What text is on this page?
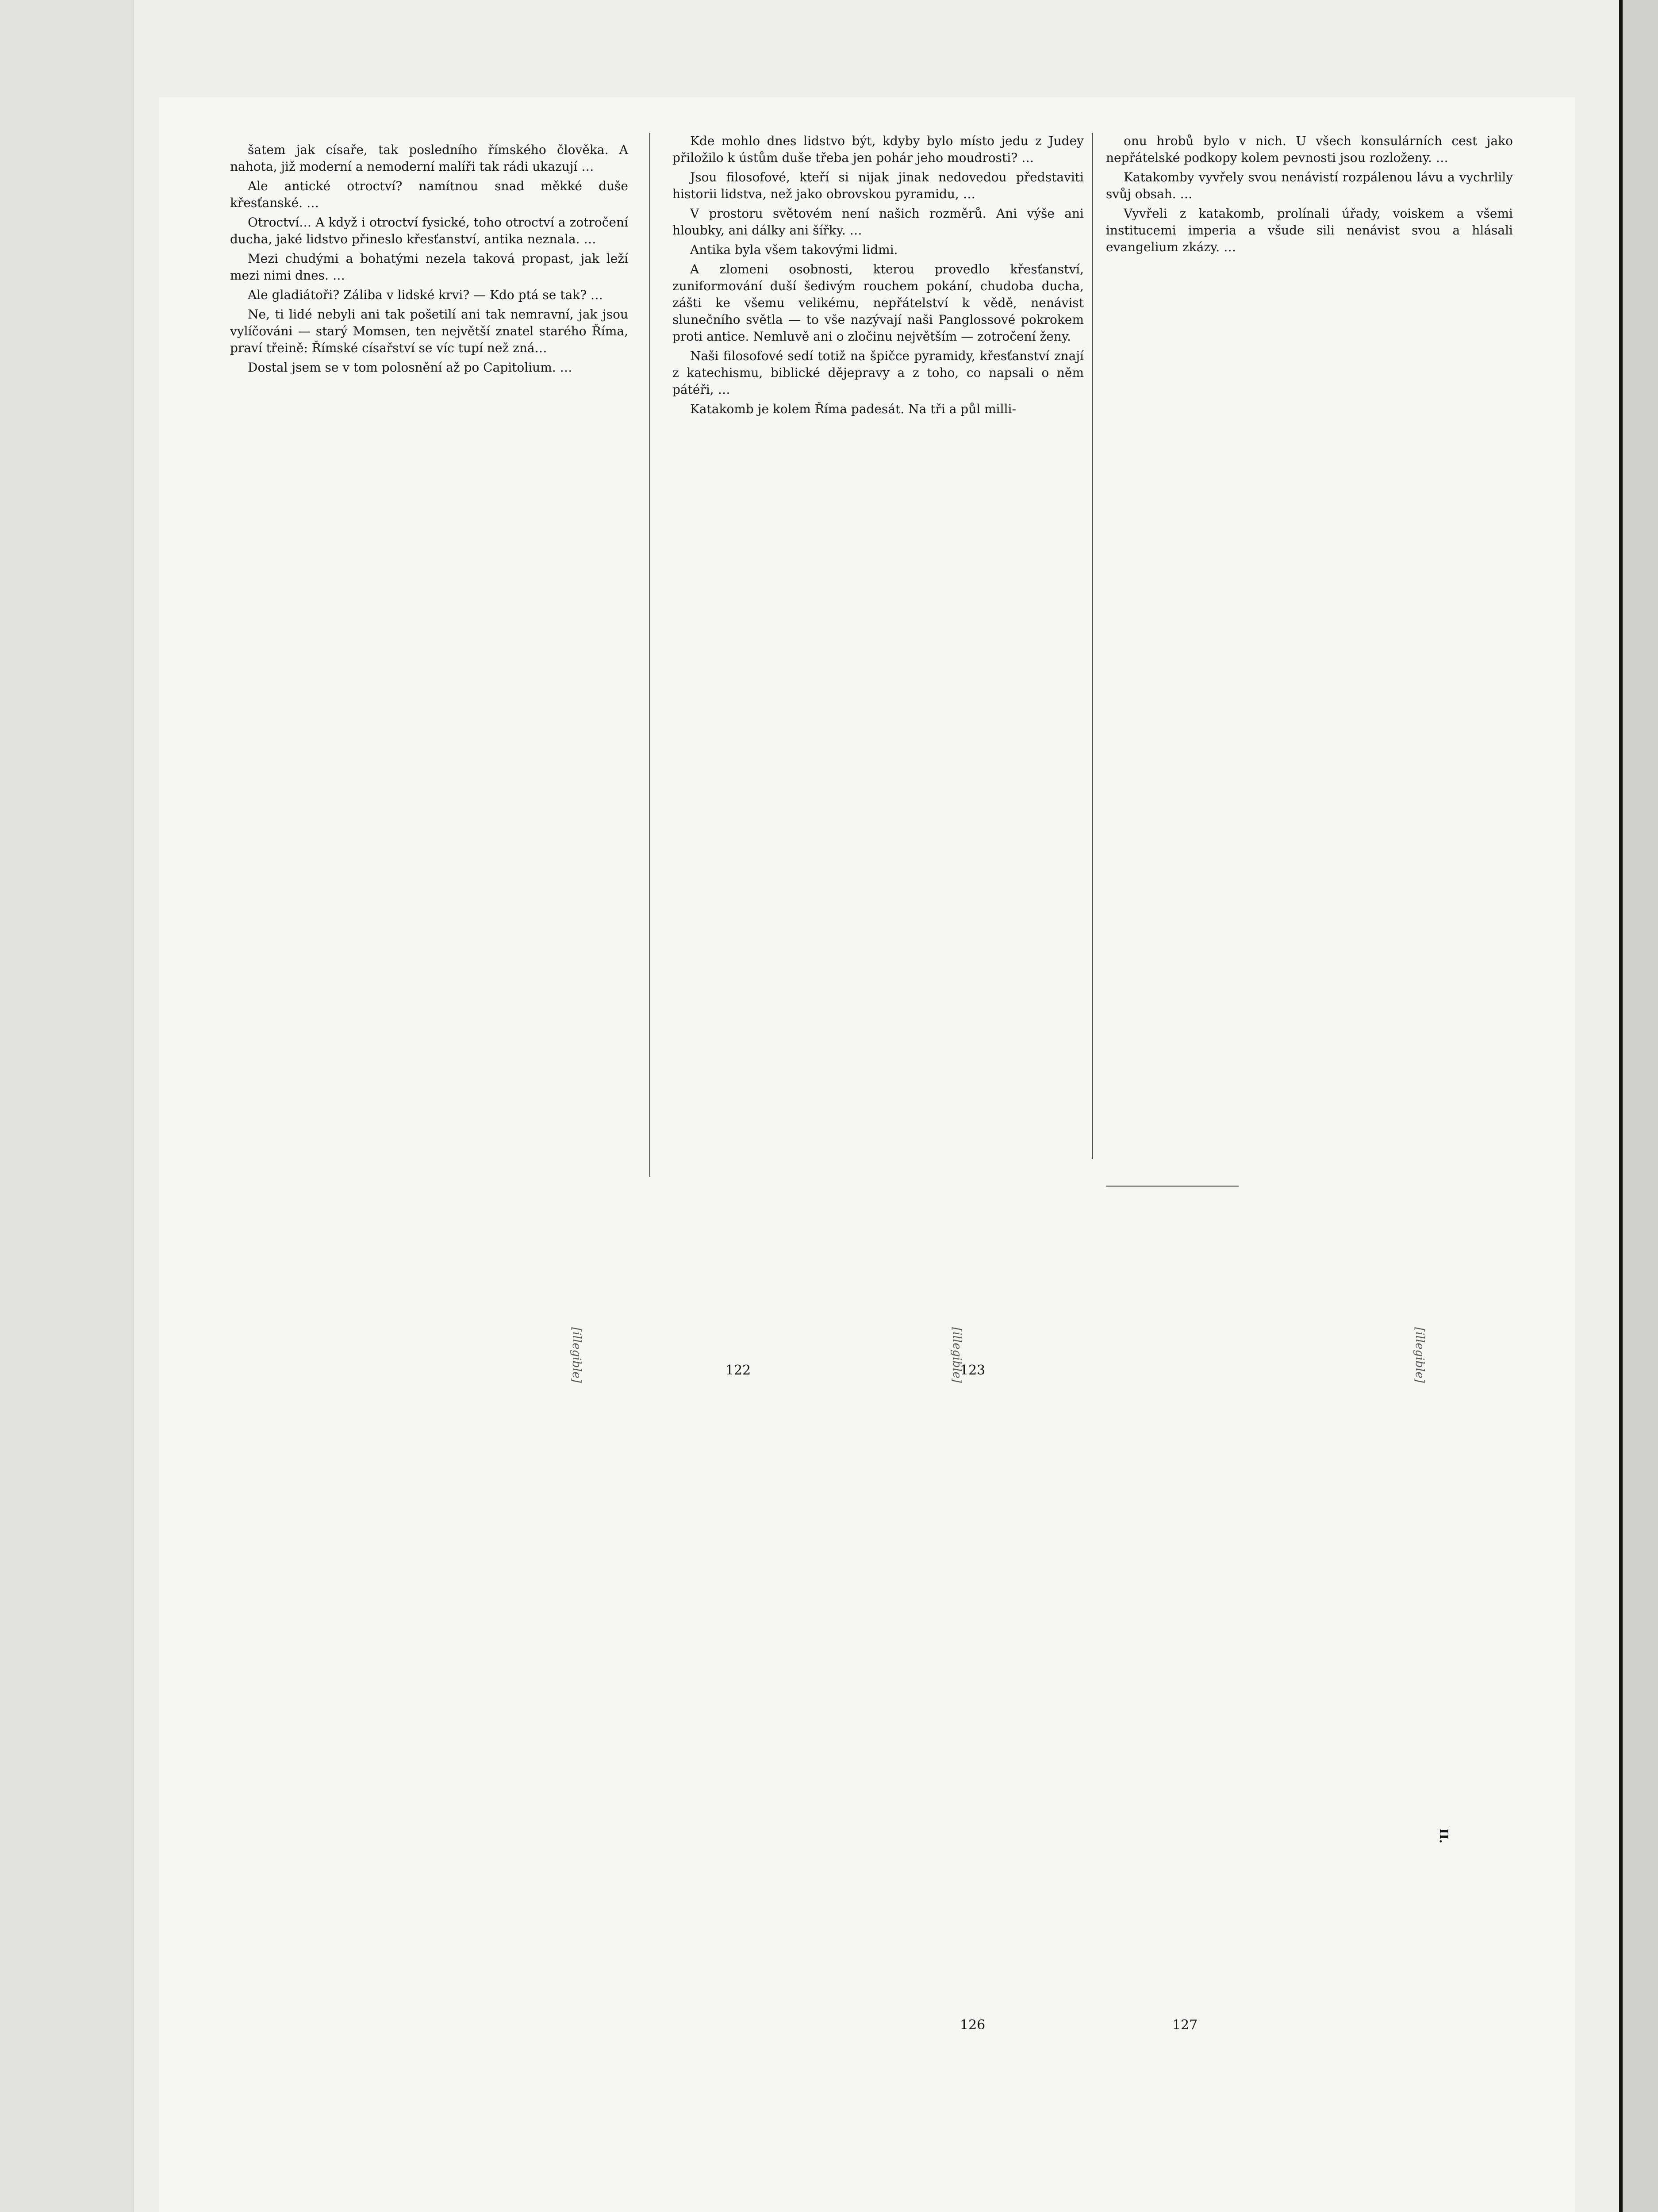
šatem jak císaře, tak posledního římského člověka. A nahota, již moderní a nemoderní malíři tak rádi ukazují …

Ale antické otroctví? namítnou snad měkké duše křesťanské. …

Otroctví… A když i otroctví fysické, toho otroctví a zotročení ducha, jaké lidstvo přineslo křesťanství, antika neznala. …

Mezi chudými a bohatými nezela taková propast, jak leží mezi nimi dnes. …

Ale gladiátoři? Záliba v lidské krvi? — Kdo ptá se tak? …

Ne, ti lidé nebyli ani tak pošetilí ani tak nemravní, jak jsou vylíčováni — starý Momsen, ten největší znatel starého Říma, praví třeině: Římské císařství se víc tupí než zná…

Dostal jsem se v tom polosnění až po Capitolium. …

Kde mohlo dnes lidstvo být, kdyby bylo místo jedu z Judey přiložilo k ústům duše třeba jen pohár jeho moudrosti? …

Jsou filosofové, kteří si nijak jinak nedovedou představiti historii lidstva, než jako obrovskou pyramidu, …

V prostoru světovém není našich rozměrů. Ani výše ani hloubky, ani dálky ani šířky. …

Antika byla všem takovými lidmi.

A zlomeni osobnosti, kterou provedlo křesťanství, zuniformování duší šedivým rouchem pokání, chudoba ducha, zášti ke všemu velikému, nepřátelství k vědě, nenávist slunečního světla — to vše nazývají naši Panglossové pokrokem proti antice. Nemluvě ani o zločinu největším — zotročení ženy.

Naši filosofové sedí totiž na špičce pyramidy, křesťanství znají z katechismu, biblické dějepravy a z toho, co napsali o něm pátéři, …

Katakomb je kolem Říma padesát. Na tři a půl milli-

onu hrobů bylo v nich. U všech konsulárních cest jako nepřátelské podkopy kolem pevnosti jsou rozloženy. …

Katakomby vyvřely svou nenávistí rozpálenou lávu a vychrlily svůj obsah. …

Vyvřeli z katakomb, prolínali úřady, voiskem a všemi institucemi imperia a všude sili nenávist svou a hlásali evangelium zkázy. …

122	123
127
126
[illegible]	[illegible]
II.
[illegible]
